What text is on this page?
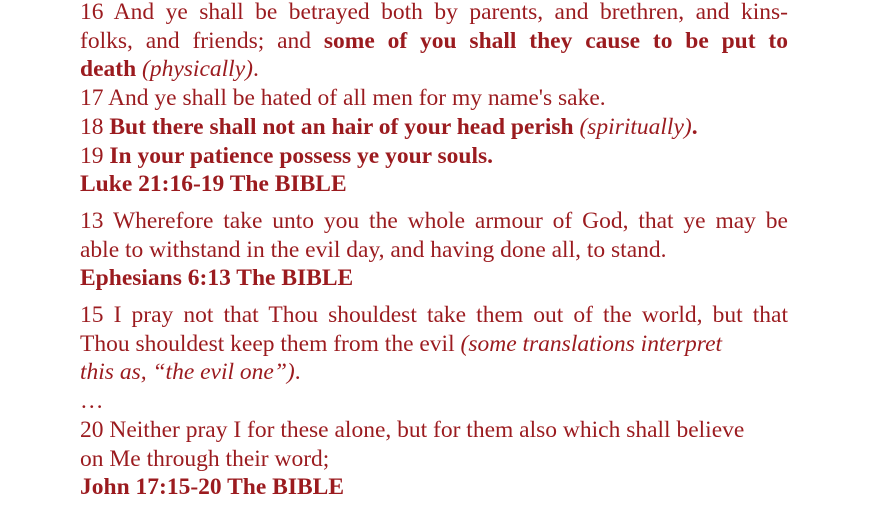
16 And ye shall be betrayed both by parents, and brethren, and kins-
folks, and friends; and some of you shall they cause to be put to
death (physically).
17 And ye shall be hated of all men for my name's sake.
18 But there shall not an hair of your head perish (spiritually).
19 In your patience possess ye your souls.
Luke 21:16-19 The BIBLE
13 Wherefore take unto you the whole armour of God, that ye may be
able to withstand in the evil day, and having done all, to stand.
Ephesians 6:13 The BIBLE
15 I pray not that Thou shouldest take them out of the world, but that
Thou shouldest keep them from the evil (some translations interpret
this as, “the evil one”).
…
20 Neither pray I for these alone, but for them also which shall believe
on Me through their word;
John 17:15-20 The BIBLE
